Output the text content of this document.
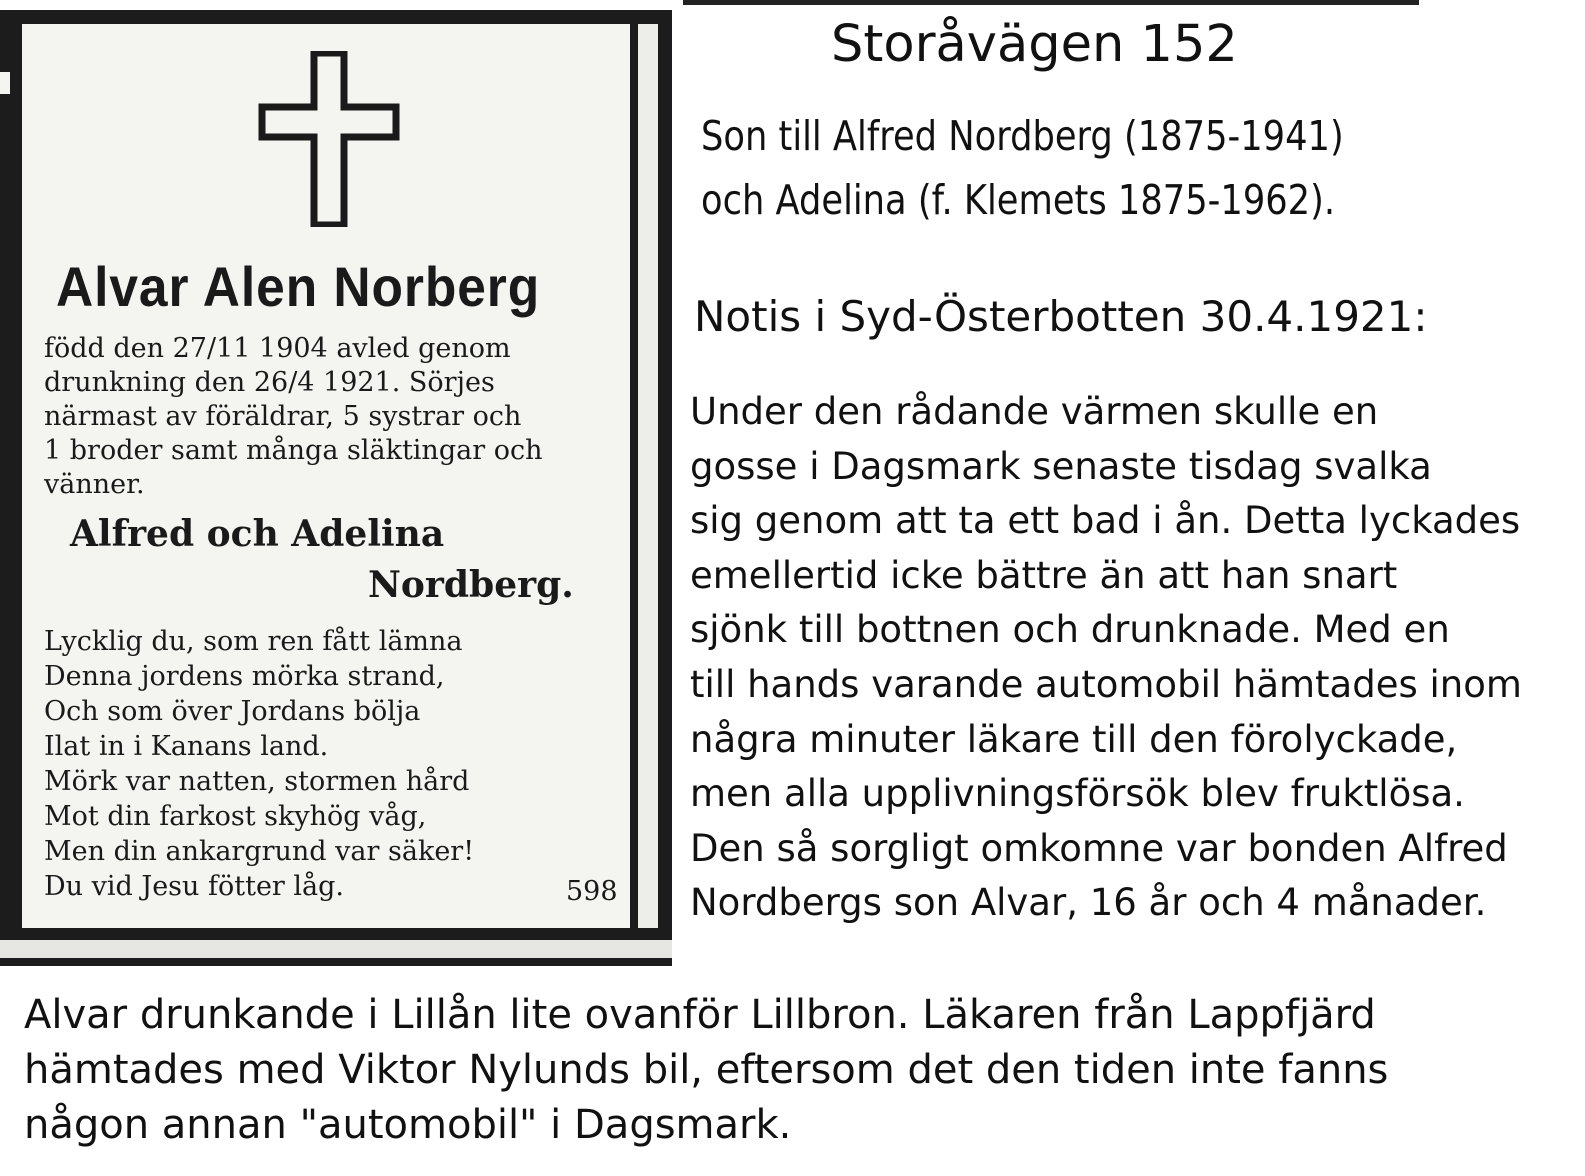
Alvar Alen Norberg
född den 27/11 1904 avled genom
drunkning den 26/4 1921. Sörjes
närmast av föräldrar, 5 systrar och
1 broder samt många släktingar och
vänner.
Alfred och Adelina
Nordberg.
Lycklig du, som ren fått lämna
Denna jordens mörka strand,
Och som över Jordans bölja
Ilat in i Kanans land.
Mörk var natten, stormen hård
Mot din farkost skyhög våg,
Men din ankargrund var säker!
Du vid Jesu fötter låg.	598
Storåvägen 152
Son till Alfred Nordberg (1875-1941)
och Adelina (f. Klemets 1875-1962).
Notis i Syd-Österbotten 30.4.1921:
Under den rådande värmen skulle en
gosse i Dagsmark senaste tisdag svalka
sig genom att ta ett bad i ån. Detta lyckades
emellertid icke bättre än att han snart
sjönk till bottnen och drunknade. Med en
till hands varande automobil hämtades inom
några minuter läkare till den förolyckade,
men alla upplivningsförsök blev fruktlösa.
Den så sorgligt omkomne var bonden Alfred
Nordbergs son Alvar, 16 år och 4 månader.
Alvar drunkande i Lillån lite ovanför Lillbron. Läkaren från Lappfjärd
hämtades med Viktor Nylunds bil, eftersom det den tiden inte fanns
någon annan "automobil" i Dagsmark.
